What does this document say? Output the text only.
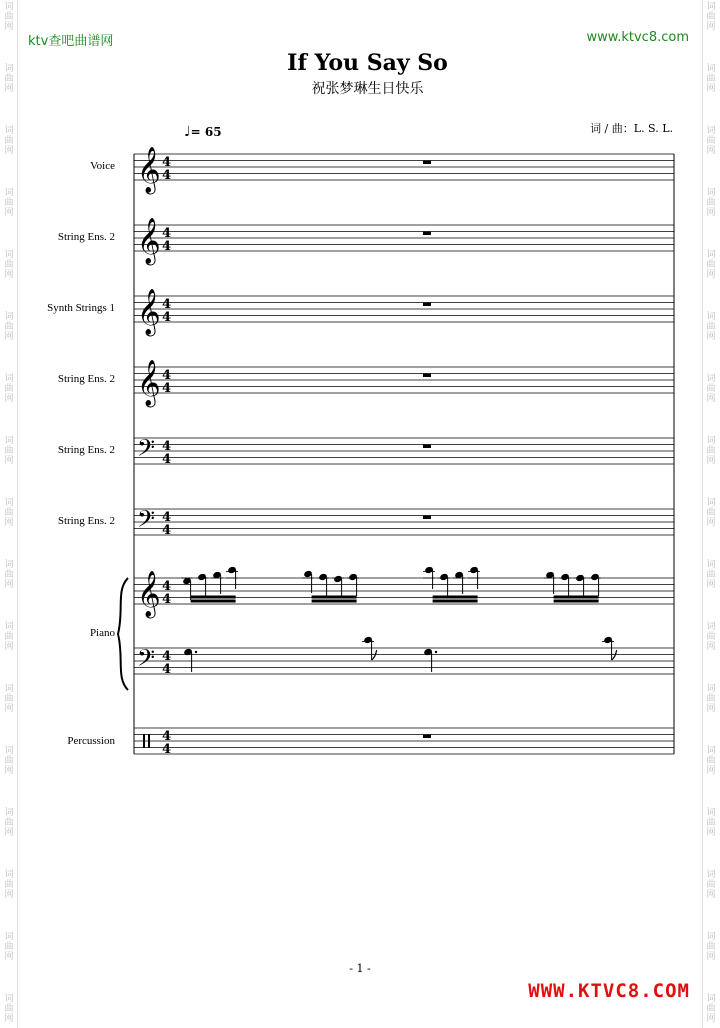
词
曲
网
词
曲
网
词
曲
网
词
曲
网
词
曲
网
词
曲
网
词
曲
网
词
曲
网
词
曲
网
词
曲
网
词
曲
网
词
曲
网
词
曲
网
词
曲
网
词
曲
网
词
曲
网
词
曲
网
词
曲
网
词
曲
网
词
曲
网
词
曲
网
词
曲
网
词
曲
网
词
曲
网
词
曲
网
词
曲
网
词
曲
网
词
曲
网
词
曲
网
词
曲
网
词
曲
网
词
曲
网
词
曲
网
词
曲
网
ktv查吧曲谱网	www.ktvc8.com
If You Say So
祝张梦琳生日快乐
词 / 曲：L. S. L.
♩= 65
Voice
String Ens. 2
Synth Strings 1
String Ens. 2
String Ens. 2
String Ens. 2
Piano
Percussion
𝄞 4
4
𝄞 4
4
𝄞 4
4
𝄞 4
4
𝄢 4
4
𝄢 4
4
𝄞 4
4
𝄢 4
4
4
4
- 1 -
WWW.KTVC8.COM
